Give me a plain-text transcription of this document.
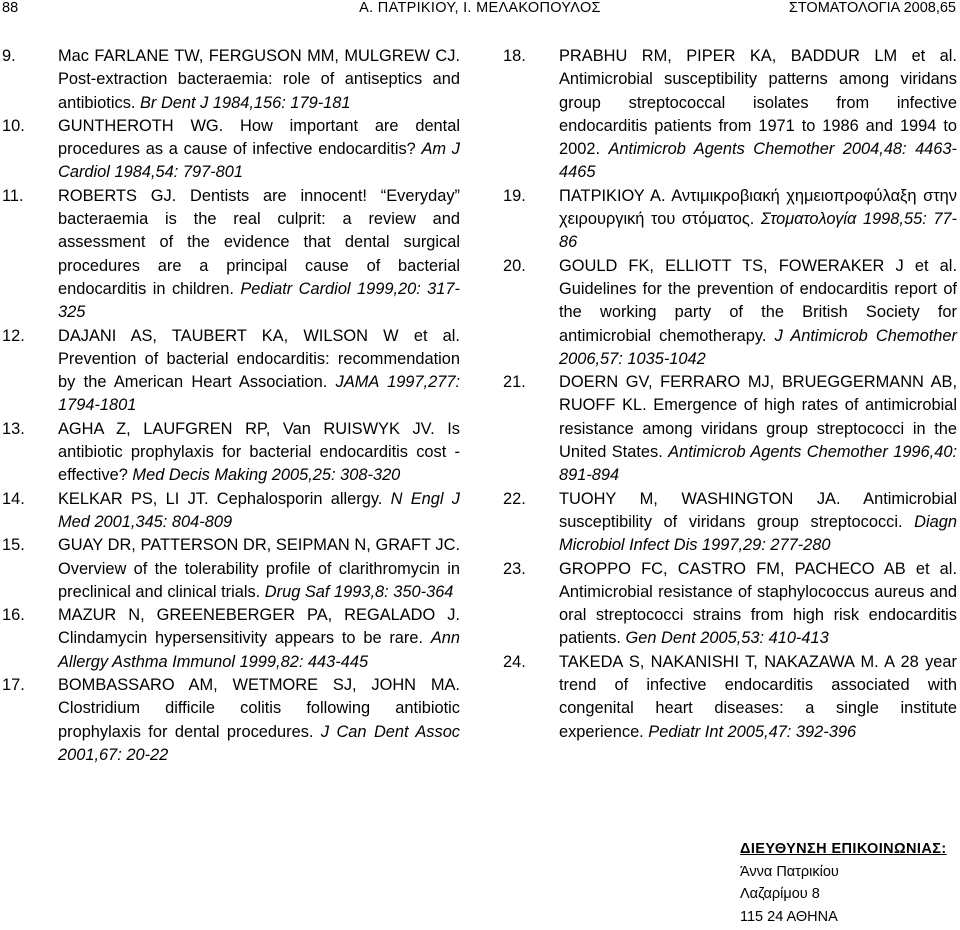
88	Α. ΠΑΤΡΙΚΙΟΥ, Ι. ΜΕΛΑΚΟΠΟΥΛΟΣ	ΣΤΟΜΑΤΟΛΟΓΙΑ 2008,65
9.	Mac FARLANE TW, FERGUSON MM, MULGREW CJ. Post-extraction bacteraemia: role of antiseptics and antibiotics. Br Dent J 1984,156: 179-181
10. GUNTHEROTH WG. How important are dental procedures as a cause of infective endocarditis? Am J Cardiol 1984,54: 797-801
11. ROBERTS GJ. Dentists are innocent! “Everyday” bacteraemia is the real culprit: a review and assessment of the evidence that dental surgical procedures are a principal cause of bacterial endocarditis in children. Pediatr Cardiol 1999,20: 317-325
12. DAJANI AS, TAUBERT KA, WILSON W et al. Prevention of bacterial endocarditis: recommendation by the American Heart Association. JAMA 1997,277: 1794-1801
13. AGHA Z, LAUFGREN RP, Van RUISWYK JV. Is antibiotic prophylaxis for bacterial endocarditis cost - effective? Med Decis Making 2005,25: 308-320
14. KELKAR PS, LI JT. Cephalosporin allergy. N Engl J Med 2001,345: 804-809
15. GUAY DR, PATTERSON DR, SEIPMAN N, GRAFT JC. Overview of the tolerability profile of clarithromycin in preclinical and clinical trials. Drug Saf 1993,8: 350-364
16. MAZUR N, GREENEBERGER PA, REGALADO J. Clindamycin hypersensitivity appears to be rare. Ann Allergy Asthma Immunol 1999,82: 443-445
17. BOMBASSARO AM, WETMORE SJ, JOHN MA. Clostridium difficile colitis following antibiotic prophylaxis for dental procedures. J Can Dent Assoc 2001,67: 20-22
18. PRABHU RM, PIPER KA, BADDUR LM et al. Antimicrobial susceptibility patterns among viridans group streptococcal isolates from infective endocarditis patients from 1971 to 1986 and 1994 to 2002. Antimicrob Agents Chemother 2004,48: 4463-4465
19. ΠΑΤΡΙΚΙΟΥ Α. Αντιμικροβιακή χημειοπροφύλαξη στην χειρουργική του στόματος. Στοματολογία 1998,55: 77-86
20. GOULD FK, ELLIOTT TS, FOWERAKER J et al. Guidelines for the prevention of endocarditis report of the working party of the British Society for antimicrobial chemotherapy. J Antimicrob Chemother 2006,57: 1035-1042
21. DOERN GV, FERRARO MJ, BRUEGGERMANN AB, RUOFF KL. Emergence of high rates of antimicrobial resistance among viridans group streptococci in the United States. Antimicrob Agents Chemother 1996,40: 891-894
22. TUOHY M, WASHINGTON JA. Antimicrobial susceptibility of viridans group streptococci. Diagn Microbiol Infect Dis 1997,29: 277-280
23. GROPPO FC, CASTRO FM, PACHECO AB et al. Antimicrobial resistance of staphylococcus aureus and oral streptococci strains from high risk endocarditis patients. Gen Dent 2005,53: 410-413
24. TAKEDA S, NAKANISHI T, NAKAZAWA M. A 28 year trend of infective endocarditis associated with congenital heart diseases: a single institute experience. Pediatr Int 2005,47: 392-396
ΔΙΕΥΘΥΝΣΗ ΕΠΙΚΟΙΝΩΝΙΑΣ:
Άννα Πατρικίου
Λαζαρίμου 8
115 24 ΑΘΗΝΑ
